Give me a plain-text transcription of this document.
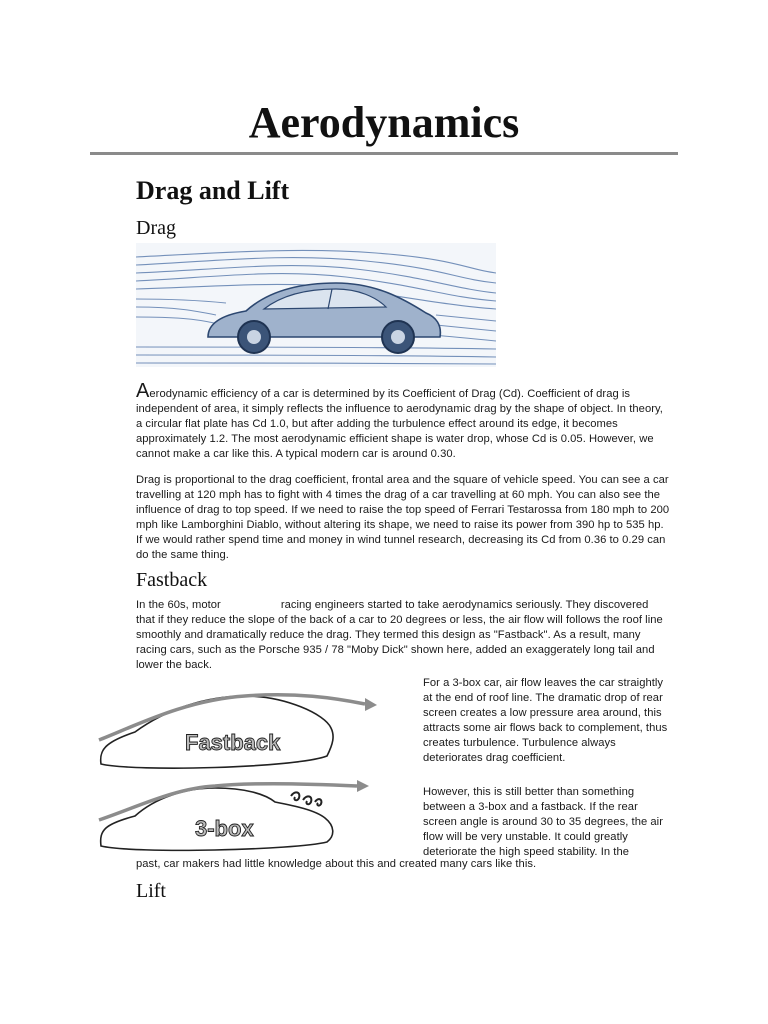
Aerodynamics
Drag and Lift
Drag

Aerodynamic efficiency of a car is determined by its Coefficient of Drag (Cd). Coefficient of drag is independent of area, it simply reflects the influence to aerodynamic drag by the shape of object. In theory, a circular flat plate has Cd 1.0, but after adding the turbulence effect around its edge, it becomes approximately 1.2. The most aerodynamic efficient shape is water drop, whose Cd is 0.05. However, we cannot make a car like this. A typical modern car is around 0.30.

Drag is proportional to the drag coefficient, frontal area and the square of vehicle speed. You can see a car travelling at 120 mph has to fight with 4 times the drag of a car travelling at 60 mph. You can also see the influence of drag to top speed. If we need to raise the top speed of Ferrari Testarossa from 180 mph to 200 mph like Lamborghini Diablo, without altering its shape, we need to raise its power from 390 hp to 535 hp. If we would rather spend time and money in wind tunnel research, decreasing its Cd from 0.36 to 0.29 can do the same thing.

Fastback

In the 60s, motor	racing engineers started to take aerodynamics seriously. They discovered that if they reduce the slope of the back of a car to 20 degrees or less, the air flow will follows the roof line smoothly and dramatically reduce the drag. They termed this design as "Fastback". As a result, many racing cars, such as the Porsche 935 / 78 "Moby Dick" shown here, added an exaggerately long tail and lower the back.

Fastback
3-box

For a 3-box car, air flow leaves the car straightly at the end of roof line. The dramatic drop of rear screen creates a low pressure area around, this attracts some air flows back to complement, thus creates turbulence. Turbulence always deteriorates drag coefficient.

However, this is still better than something between a 3-box and a fastback. If the rear screen angle is around 30 to 35 degrees, the air flow will be very unstable. It could greatly deteriorate the high speed stability. In the

past, car makers had little knowledge about this and created many cars like this.

Lift
